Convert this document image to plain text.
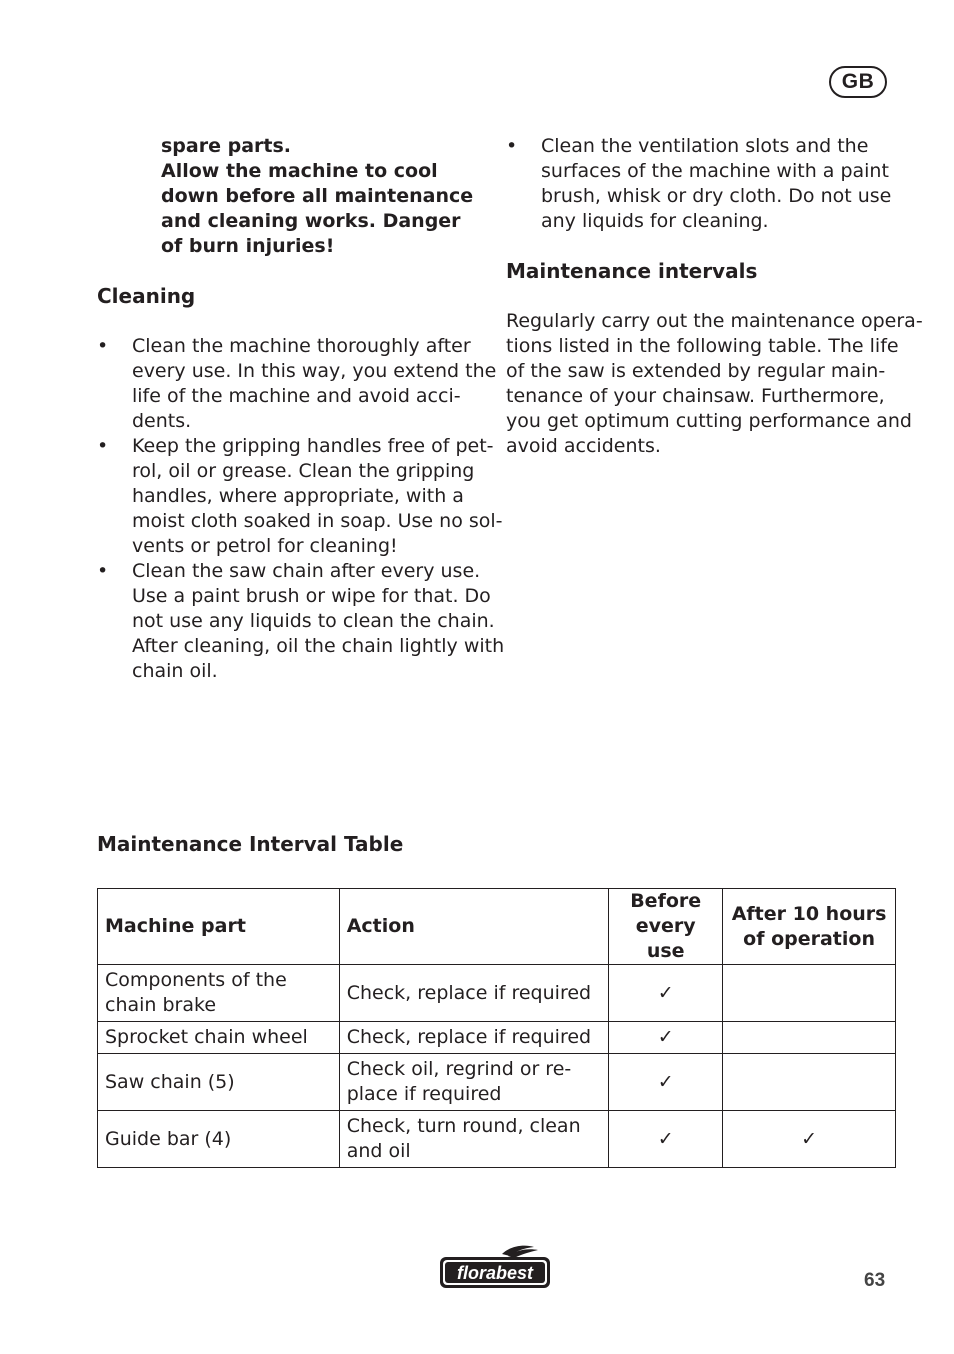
GB
spare parts.
Allow the machine to cool
down before all maintenance
and cleaning works. Danger
of burn injuries!
Cleaning
• Clean the machine thoroughly after
every use. In this way, you extend the
life of the machine and avoid acci-
dents.
• Keep the gripping handles free of pet-
rol, oil or grease. Clean the gripping
handles, where appropriate, with a
moist cloth soaked in soap. Use no sol-
vents or petrol for cleaning!
• Clean the saw chain after every use.
Use a paint brush or wipe for that. Do
not use any liquids to clean the chain.
After cleaning, oil the chain lightly with
chain oil.
• Clean the ventilation slots and the
surfaces of the machine with a paint
brush, whisk or dry cloth. Do not use
any liquids for cleaning.
Maintenance intervals
Regularly carry out the maintenance opera-
tions listed in the following table. The life
of the saw is extended by regular main-
tenance of your chainsaw. Furthermore,
you get optimum cutting performance and
avoid accidents.
Maintenance Interval Table
Machine part	Action	Before every use	After 10 hours of operation
Components of the chain brake	Check, replace if required	✓	
Sprocket chain wheel	Check, replace if required	✓	
Saw chain (5)	Check oil, regrind or re-place if required	✓	
Guide bar (4)	Check, turn round, clean and oil	✓	✓
florabest	63
